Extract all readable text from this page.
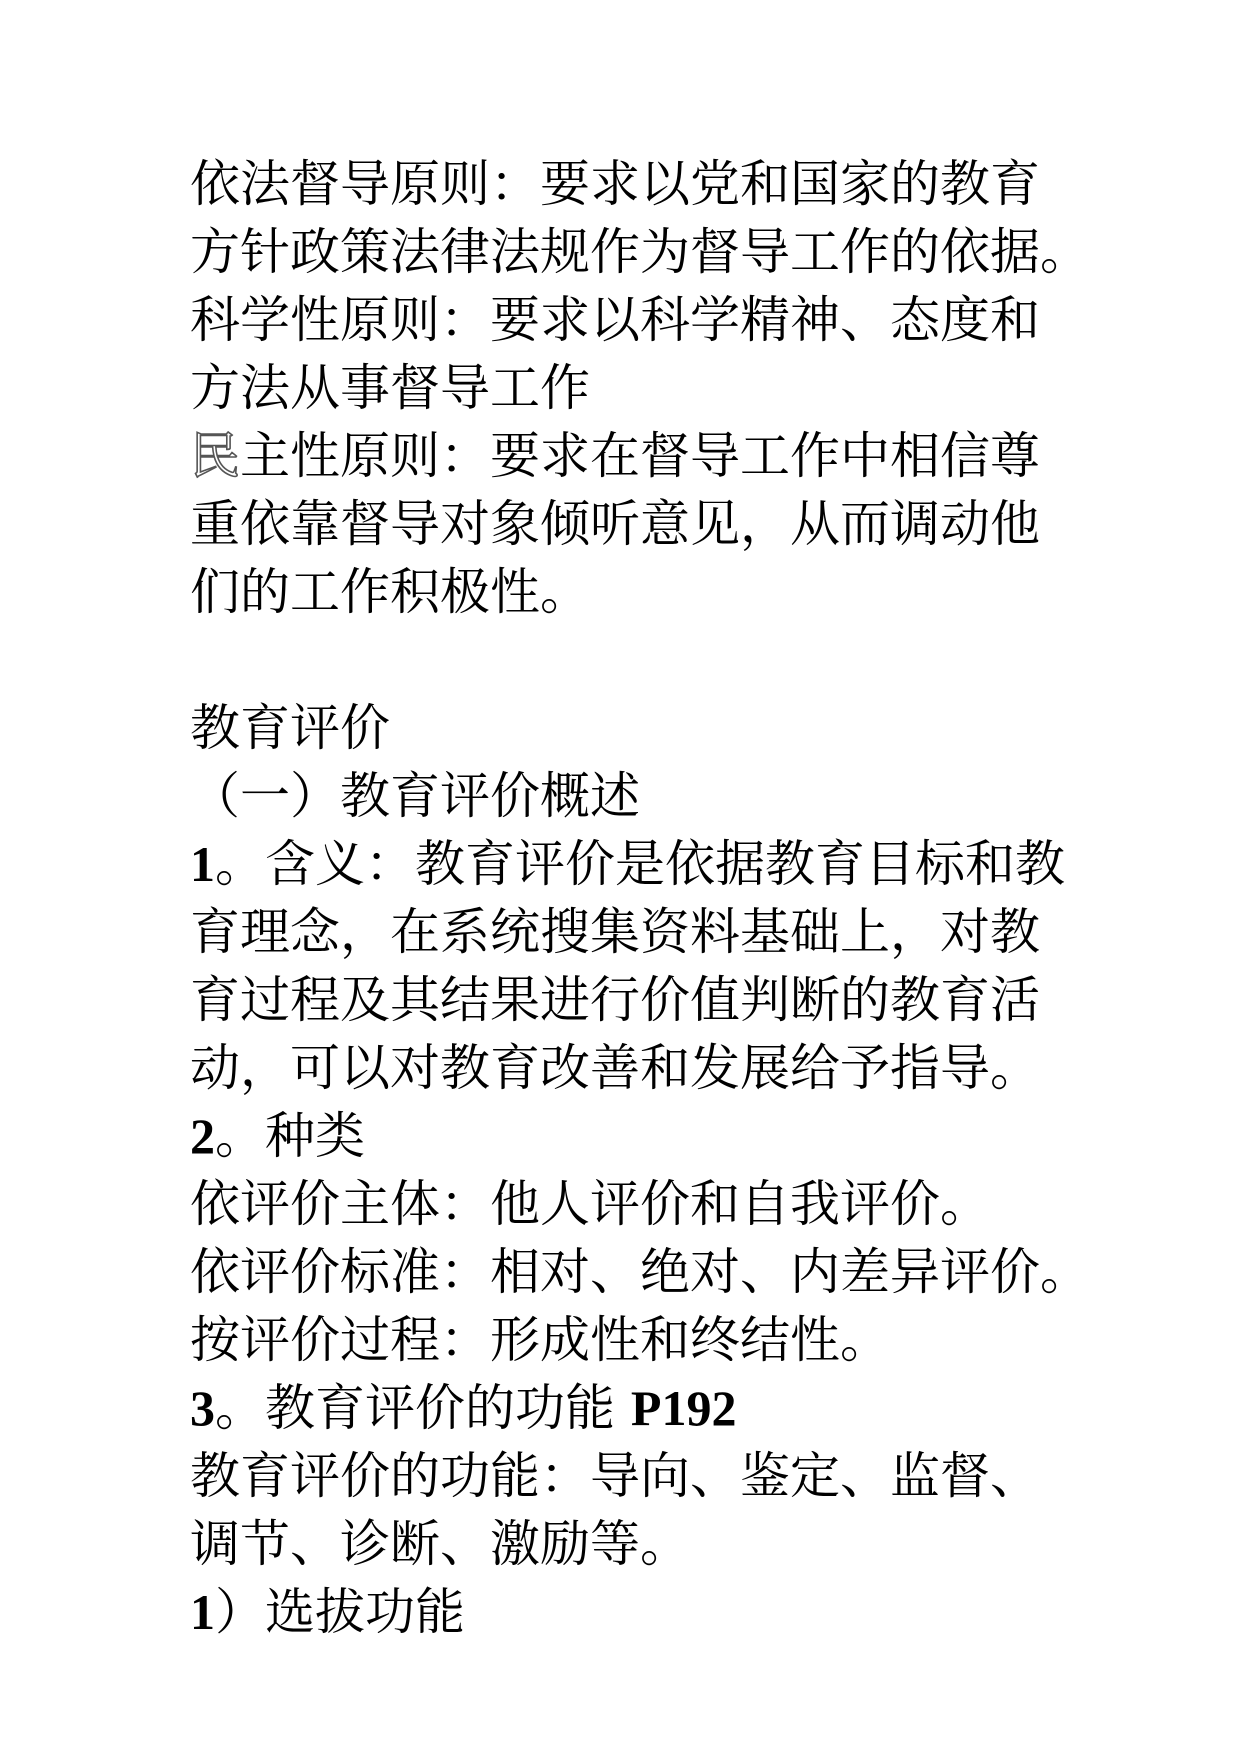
依法督导原则：要求以党和国家的教育
方针政策法律法规作为督导工作的依据。
科学性原则：要求以科学精神、态度和
方法从事督导工作
民主性原则：要求在督导工作中相信尊
重依靠督导对象倾听意见，从而调动他
们的工作积极性。
教育评价
（一）教育评价概述
1。含义：教育评价是依据教育目标和教
育理念，在系统搜集资料基础上，对教
育过程及其结果进行价值判断的教育活
动，可以对教育改善和发展给予指导。
2。种类
依评价主体：他人评价和自我评价。
依评价标准：相对、绝对、内差异评价。
按评价过程：形成性和终结性。
3。教育评价的功能 P192
教育评价的功能：导向、鉴定、监督、
调节、诊断、激励等。
1）选拔功能
